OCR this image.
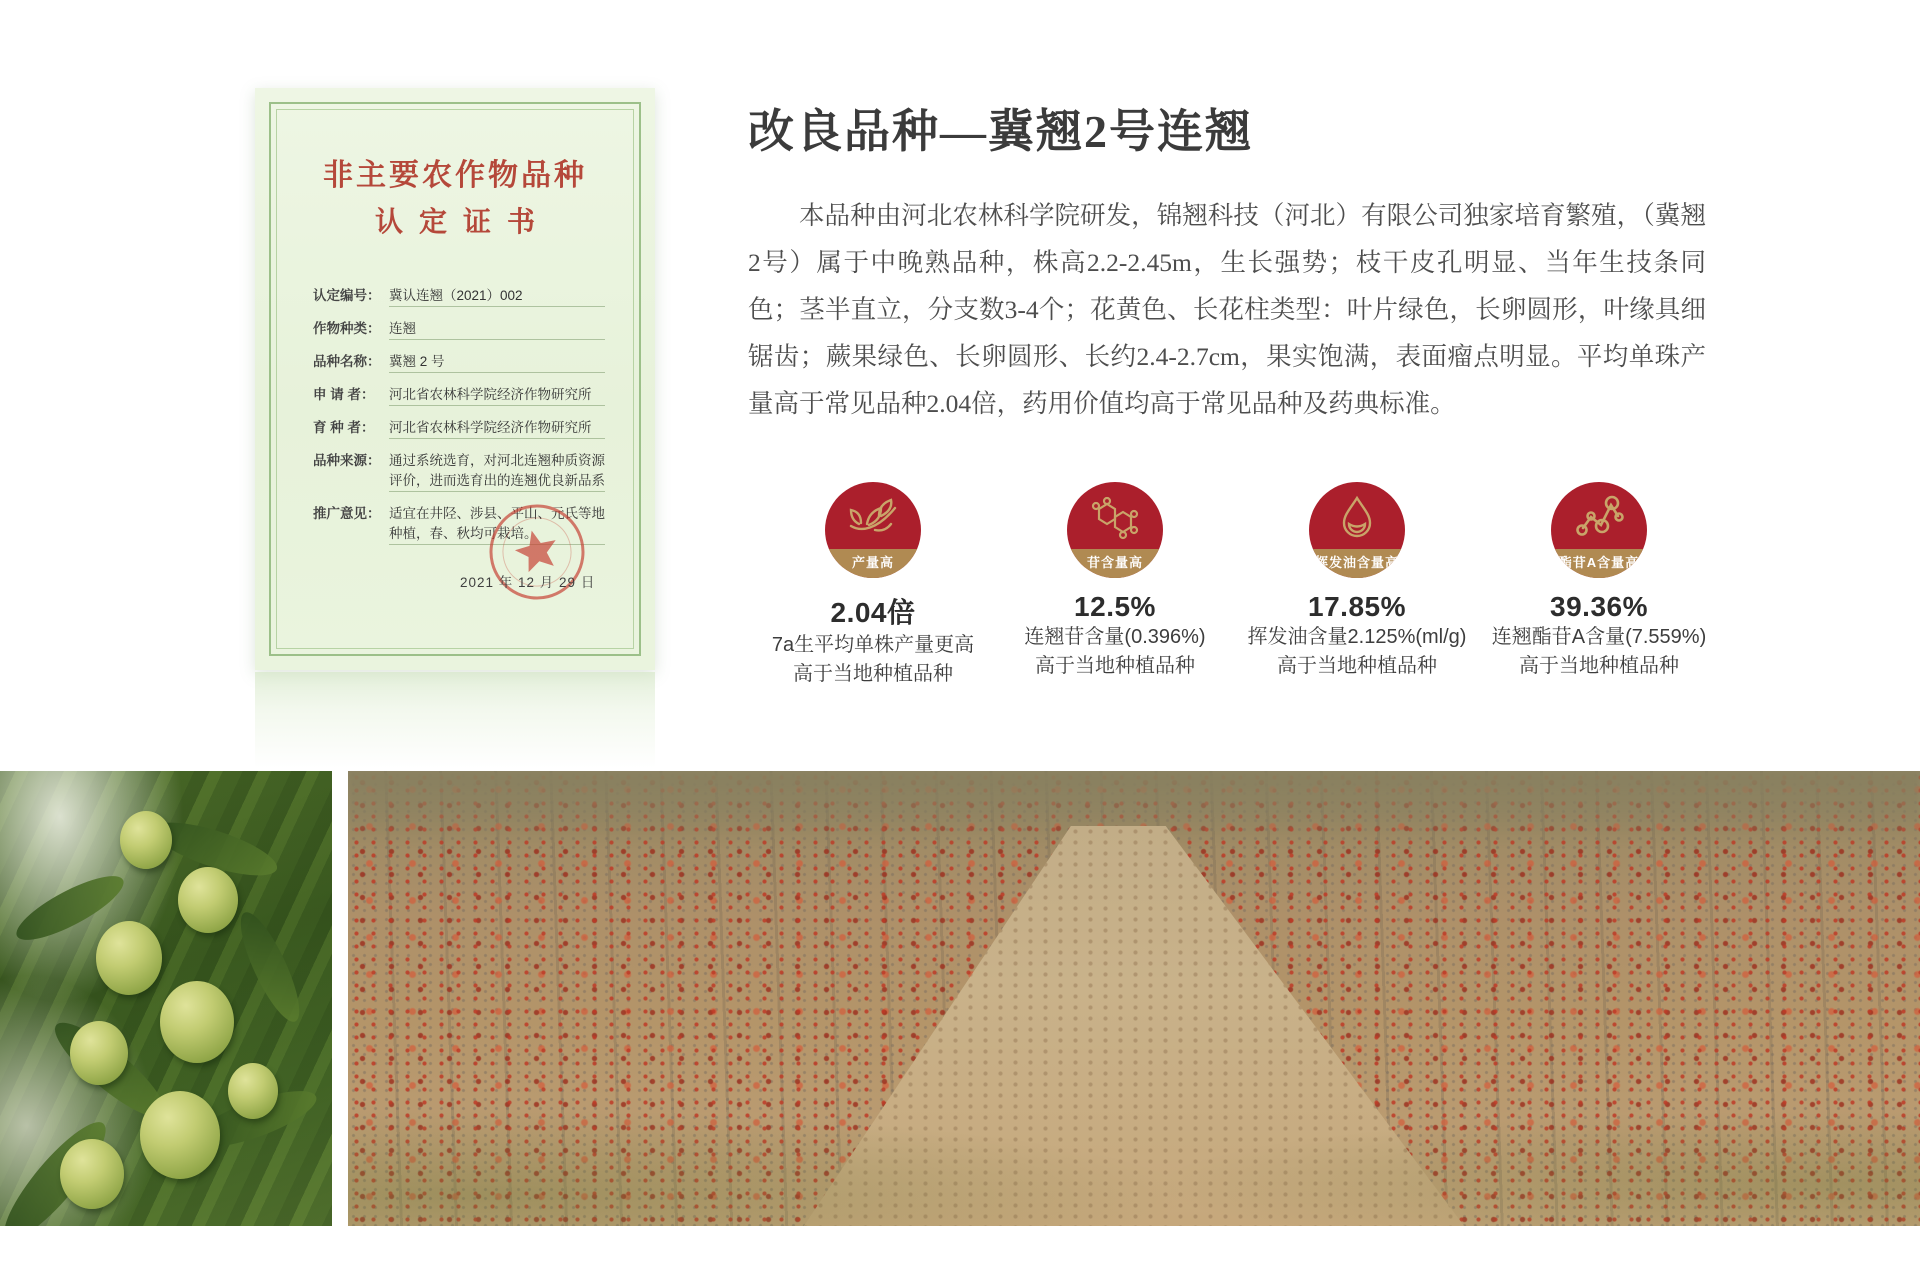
非主要农作物品种
认定证书
认定编号： 冀认连翘（2021）002
作物种类： 连翘
品种名称： 冀翘 2 号
申 请 者：	河北省农林科学院经济作物研究所
育 种 者：	河北省农林科学院经济作物研究所
品种来源： 通过系统选育，对河北连翘种质资源评价，进而选育出的连翘优良新品系
推广意见： 适宜在井陉、涉县、平山、元氏等地种植，春、秋均可栽培。
2021 年 12 月 29 日
改良品种—冀翘2号连翘

本品种由河北农林科学院研发，锦翘科技（河北）有限公司独家培育繁殖，（冀翘2号）属于中晚熟品种，株高2.2-2.45m，生长强势；枝干皮孔明显、当年生技条同色；茎半直立，分支数3-4个；花黄色、长花柱类型：叶片绿色，长卵圆形，叶缘具细锯齿；蕨果绿色、长卵圆形、长约2.4-2.7cm，果实饱满，表面瘤点明显。平均单珠产量高于常见品种2.04倍，药用价值均高于常见品种及药典标准。

产量高
2.04倍
7a生平均单株产量更高
高于当地种植品种
苷含量高
12.5%
连翘苷含量(0.396%)
高于当地种植品种
挥发油含量高
17.85%
挥发油含量2.125%(ml/g)
高于当地种植品种
酯苷A含量高
39.36%
连翘酯苷A含量(7.559%)
高于当地种植品种
